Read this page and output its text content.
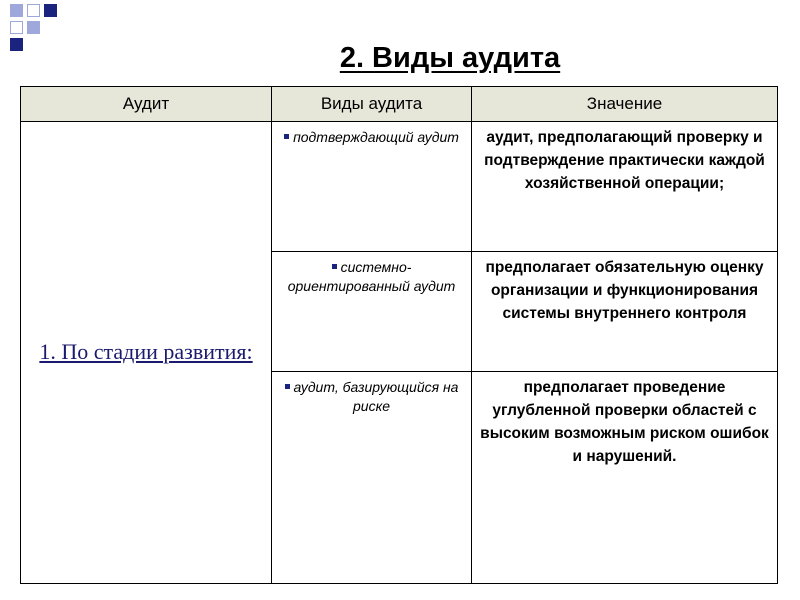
2. Виды аудита
Аудит	Виды аудита	Значение
1. По стадии развития:	подтверждающий аудит	аудит, предполагающий проверку и подтверждение практически каждой хозяйственной операции;
	системно-ориентированный аудит	предполагает обязательную оценку организации и функционирования системы внутреннего контроля
	аудит, базирующийся на риске	предполагает проведение углубленной проверки областей с высоким возможным риском ошибок и нарушений.
